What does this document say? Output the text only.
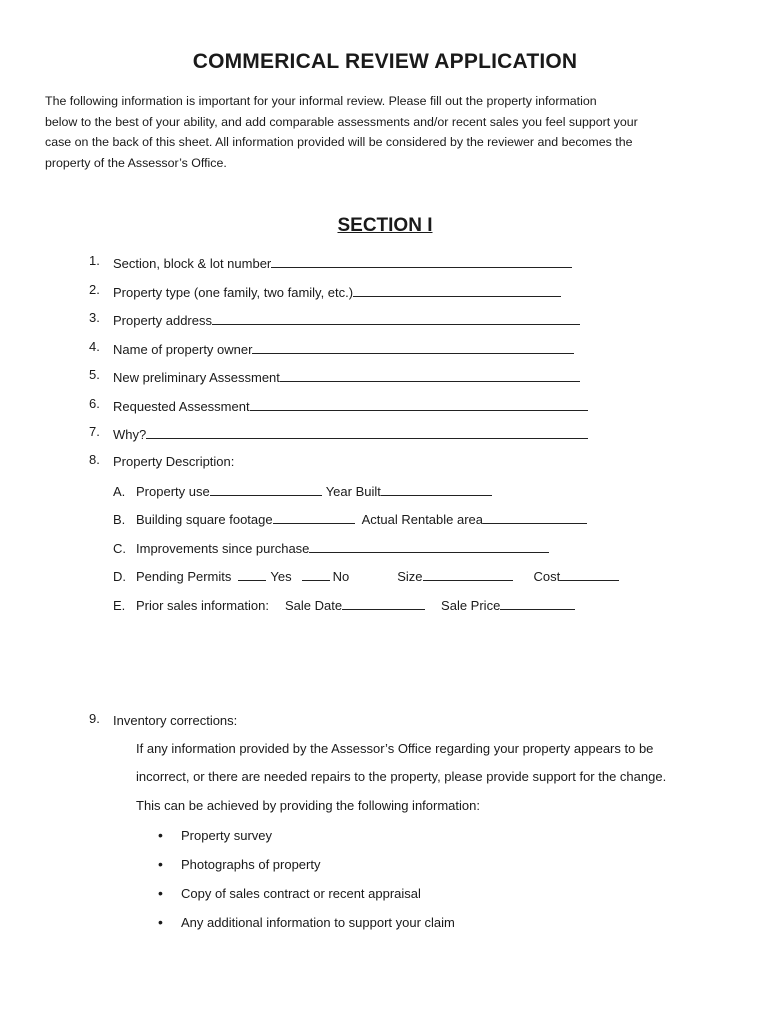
COMMERICAL REVIEW APPLICATION

The following information is important for your informal review. Please fill out the property information

below to the best of your ability, and add comparable assessments and/or recent sales you feel support your

case on the back of this sheet. All information provided will be considered by the reviewer and becomes the

property of the Assessor’s Office.

SECTION I
1. Section, block & lot number
2. Property type (one family, two family, etc.)
3. Property address
4. Name of property owner
5. New preliminary Assessment
6. Requested Assessment
7. Why?
8. Property Description:
A. Property use	Year Built
B. Building square footage	Actual Rentable area
C. Improvements since purchase
D. Pending Permits	Yes	No	Size	Cost
E. Prior sales information: Sale Date	Sale Price
9. Inventory corrections:
If any information provided by the Assessor’s Office regarding your property appears to be
incorrect, or there are needed repairs to the property, please provide support for the change.
This can be achieved by providing the following information:
• Property survey
• Photographs of property
• Copy of sales contract or recent appraisal
• Any additional information to support your claim
